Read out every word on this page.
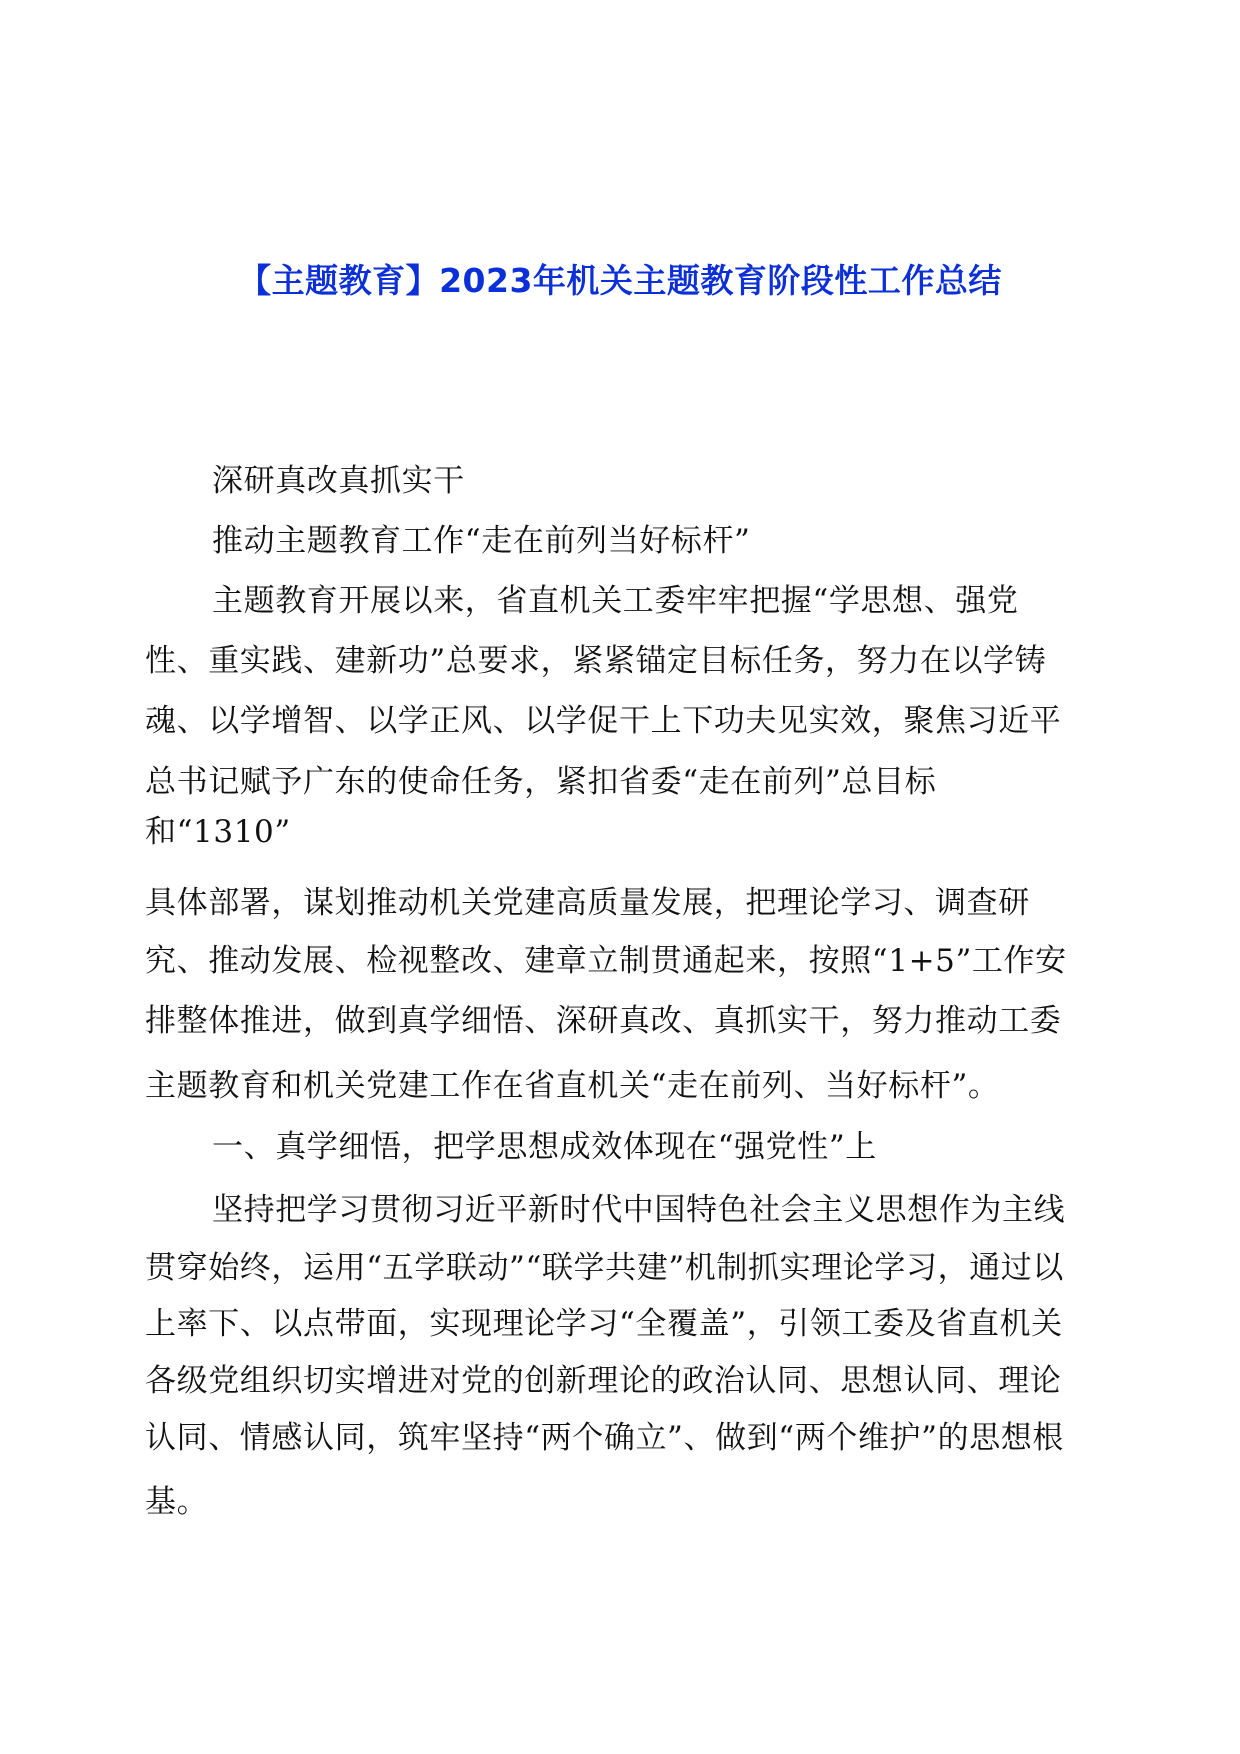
【主题教育】2023年机关主题教育阶段性工作总结
深研真改真抓实干
推动主题教育工作“走在前列当好标杆”
主题教育开展以来，省直机关工委牢牢把握“学思想、强党
性、重实践、建新功”总要求，紧紧锚定目标任务，努力在以学铸
魂、以学增智、以学正风、以学促干上下功夫见实效，聚焦习近平
总书记赋予广东的使命任务，紧扣省委“走在前列”总目标
和“1310”
具体部署，谋划推动机关党建高质量发展，把理论学习、调查研
究、推动发展、检视整改、建章立制贯通起来，按照“1+5”工作安
排整体推进，做到真学细悟、深研真改、真抓实干，努力推动工委
主题教育和机关党建工作在省直机关“走在前列、当好标杆”。
一、真学细悟，把学思想成效体现在“强党性”上
坚持把学习贯彻习近平新时代中国特色社会主义思想作为主线
贯穿始终，运用“五学联动”“联学共建”机制抓实理论学习，通过以
上率下、以点带面，实现理论学习“全覆盖”，引领工委及省直机关
各级党组织切实增进对党的创新理论的政治认同、思想认同、理论
认同、情感认同，筑牢坚持“两个确立”、做到“两个维护”的思想根
基。
